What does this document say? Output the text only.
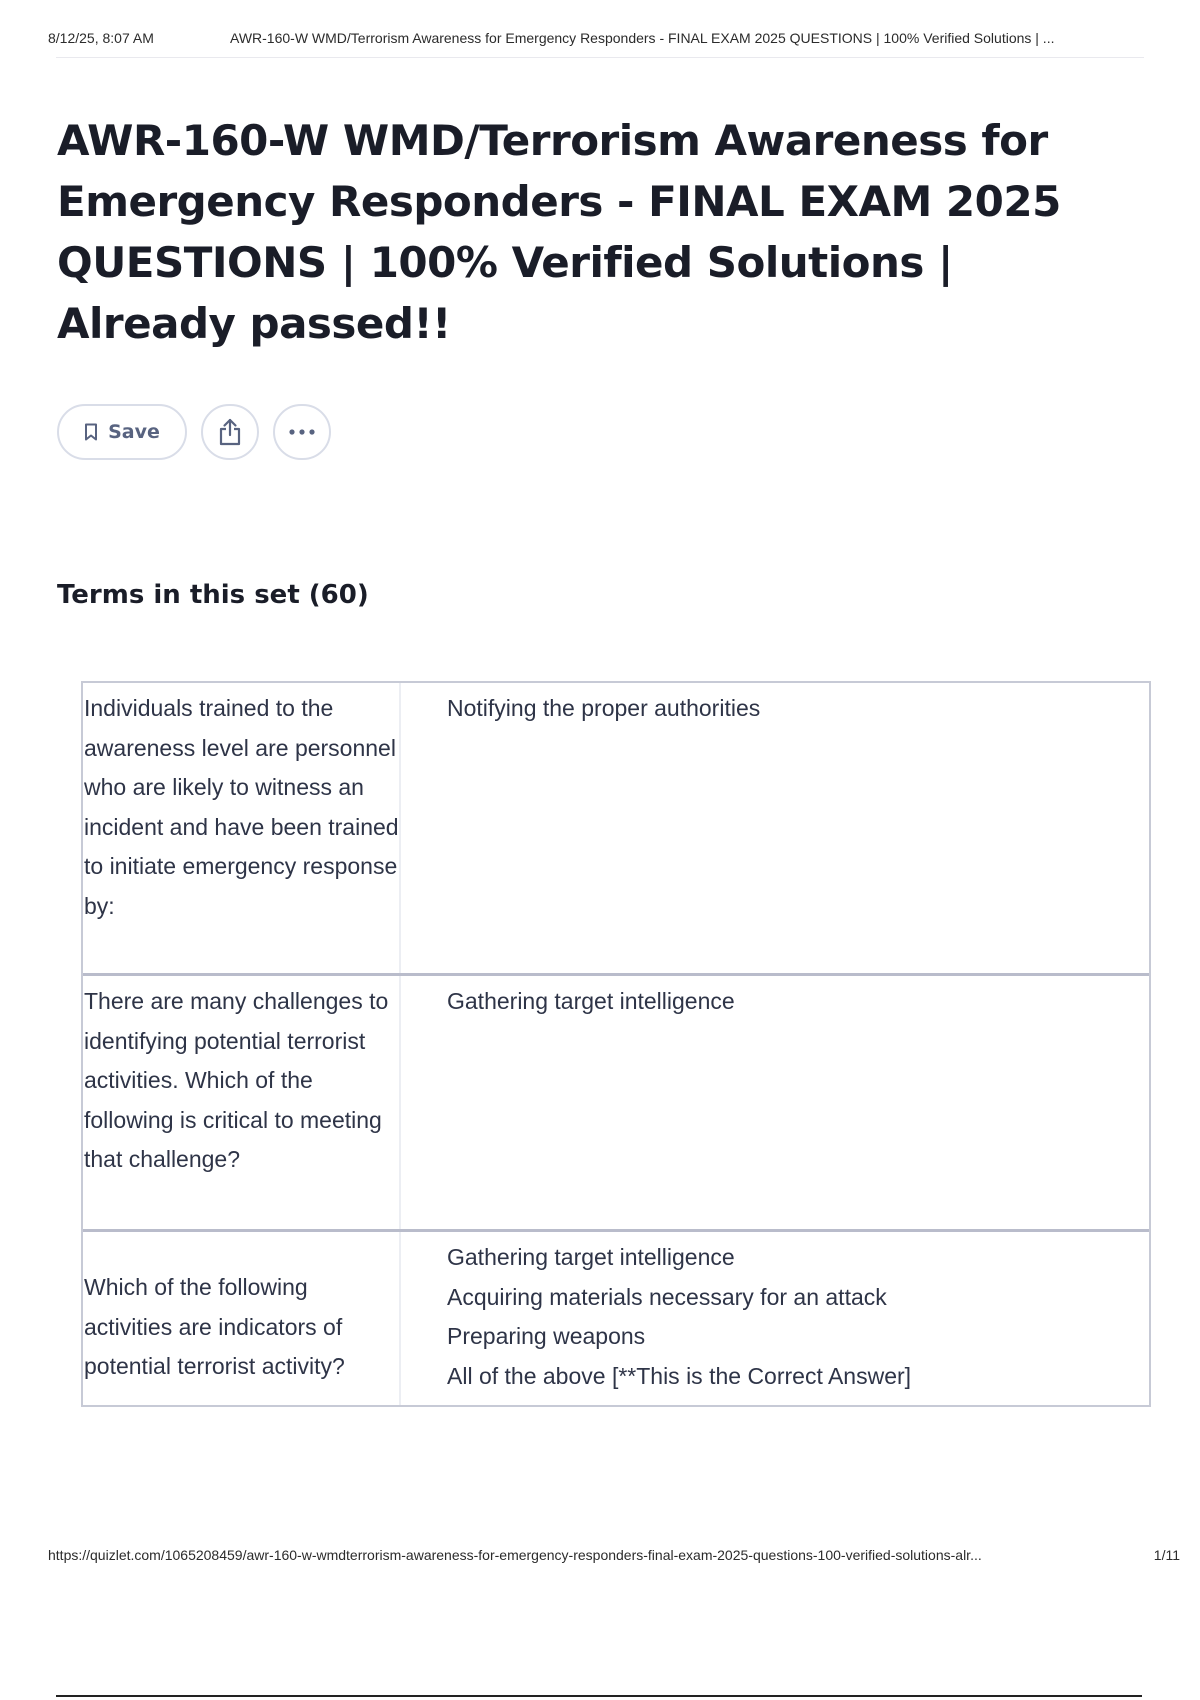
8/12/25, 8:07 AM	AWR-160-W WMD/Terrorism Awareness for Emergency Responders - FINAL EXAM 2025 QUESTIONS | 100% Verified Solutions | ...
AWR-160-W WMD/Terrorism Awareness for Emergency Responders - FINAL EXAM 2025 QUESTIONS | 100% Verified Solutions | Already passed!!
Save
Terms in this set (60)
Individuals trained to the awareness level are personnel who are likely to witness an incident and have been trained to initiate emergency response by:
Notifying the proper authorities
There are many challenges to identifying potential terrorist activities. Which of the following is critical to meeting that challenge?
Gathering target intelligence
Which of the following activities are indicators of potential terrorist activity?
Gathering target intelligence
Acquiring materials necessary for an attack
Preparing weapons
All of the above [**This is the Correct Answer]
https://quizlet.com/1065208459/awr-160-w-wmdterrorism-awareness-for-emergency-responders-final-exam-2025-questions-100-verified-solutions-alr...	1/11
